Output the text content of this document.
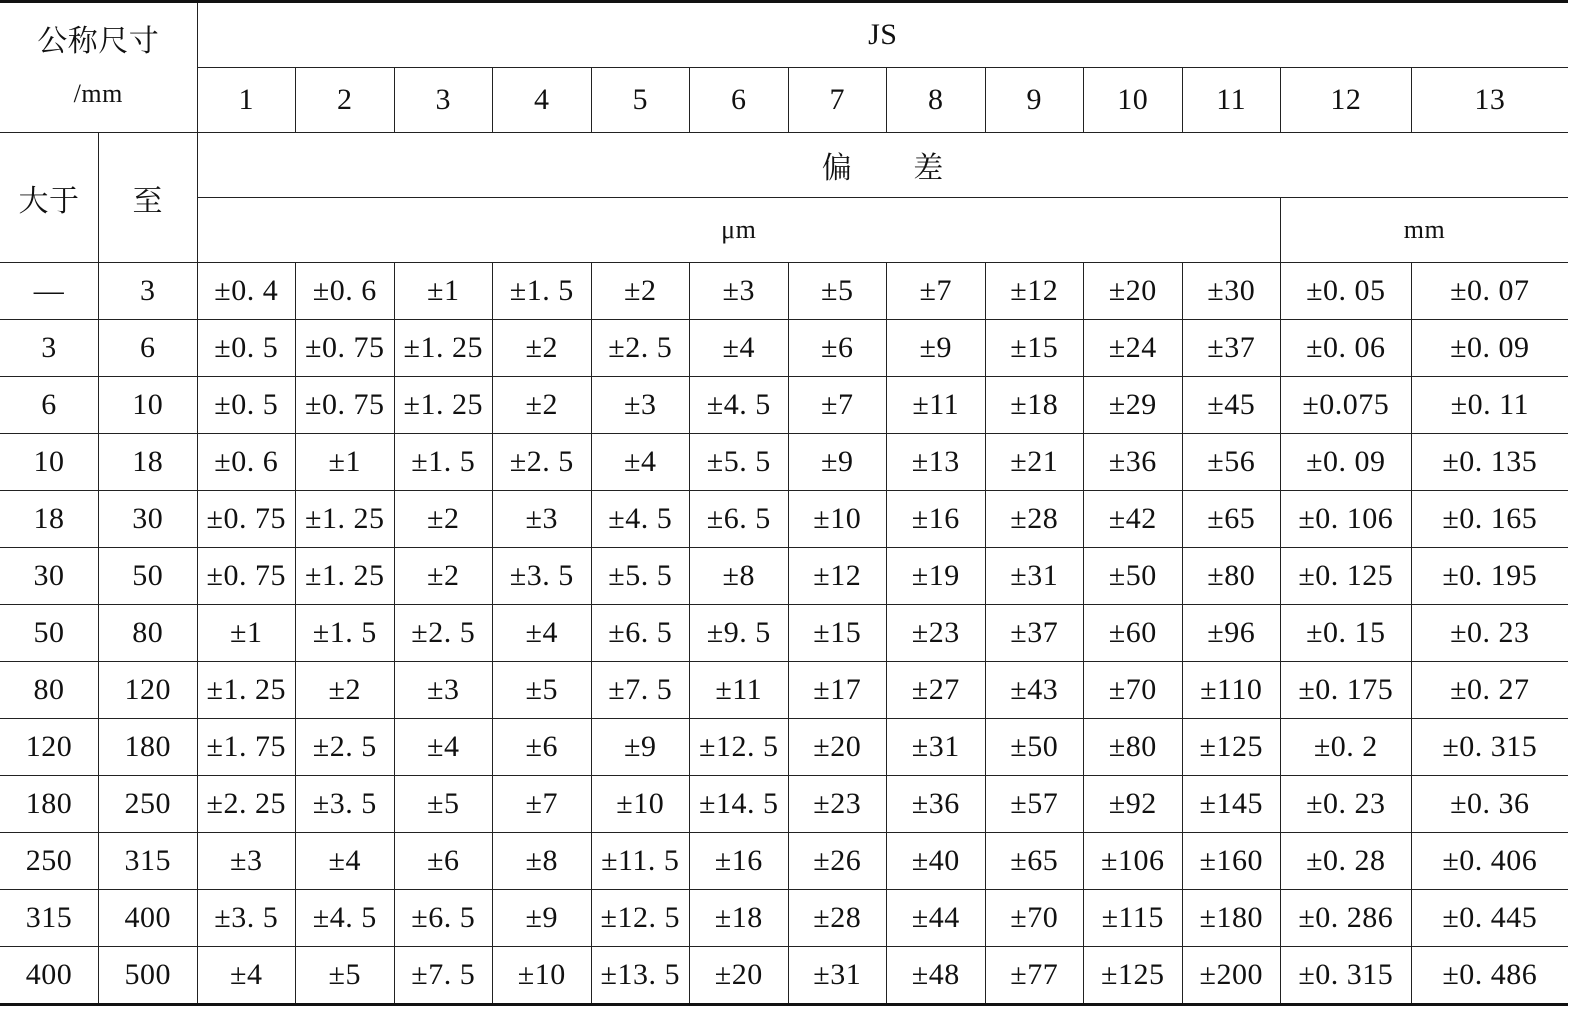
公称尺寸
/mm		JS												
		1	2	3	4	5	6	7	8	9	10	11	12	13
大于	至	偏　　差												
		μm											mm	
—	3	±0. 4	±0. 6	±1	±1. 5	±2	±3	±5	±7	±12	±20	±30	±0. 05	±0. 07
3	6	±0. 5	±0. 75	±1. 25	±2	±2. 5	±4	±6	±9	±15	±24	±37	±0. 06	±0. 09
6	10	±0. 5	±0. 75	±1. 25	±2	±3	±4. 5	±7	±11	±18	±29	±45	±0.075	±0. 11
10	18	±0. 6	±1	±1. 5	±2. 5	±4	±5. 5	±9	±13	±21	±36	±56	±0. 09	±0. 135
18	30	±0. 75	±1. 25	±2	±3	±4. 5	±6. 5	±10	±16	±28	±42	±65	±0. 106	±0. 165
30	50	±0. 75	±1. 25	±2	±3. 5	±5. 5	±8	±12	±19	±31	±50	±80	±0. 125	±0. 195
50	80	±1	±1. 5	±2. 5	±4	±6. 5	±9. 5	±15	±23	±37	±60	±96	±0. 15	±0. 23
80	120	±1. 25	±2	±3	±5	±7. 5	±11	±17	±27	±43	±70	±110	±0. 175	±0. 27
120	180	±1. 75	±2. 5	±4	±6	±9	±12. 5	±20	±31	±50	±80	±125	±0. 2	±0. 315
180	250	±2. 25	±3. 5	±5	±7	±10	±14. 5	±23	±36	±57	±92	±145	±0. 23	±0. 36
250	315	±3	±4	±6	±8	±11. 5	±16	±26	±40	±65	±106	±160	±0. 28	±0. 406
315	400	±3. 5	±4. 5	±6. 5	±9	±12. 5	±18	±28	±44	±70	±115	±180	±0. 286	±0. 445
400	500	±4	±5	±7. 5	±10	±13. 5	±20	±31	±48	±77	±125	±200	±0. 315	±0. 486
